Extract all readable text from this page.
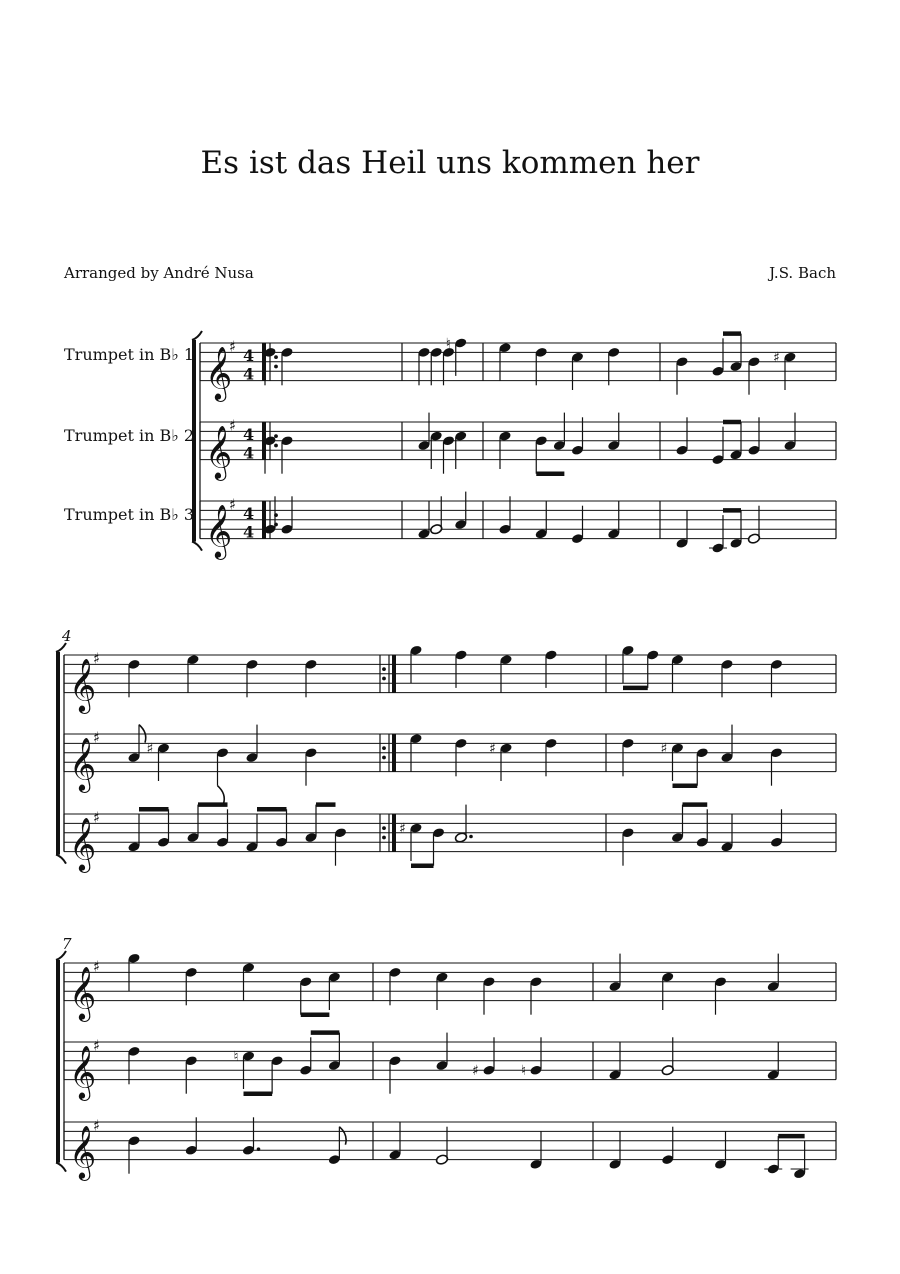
Es ist das Heil uns kommen her
Arranged by André Nusa	J.S. Bach
Trumpet in B♭ 1
Trumpet in B♭ 2
Trumpet in B♭ 3
𝄞
♯ 4
4
♮
♯
𝄞
♯ 4
4
𝄞
♯ 4
4
4
𝄞
♯
𝄞
♯
♯	♯	♯
𝄞
♯
♯
7
𝄞
♯
𝄞
♯
♮
♯	♮
𝄞
♯
